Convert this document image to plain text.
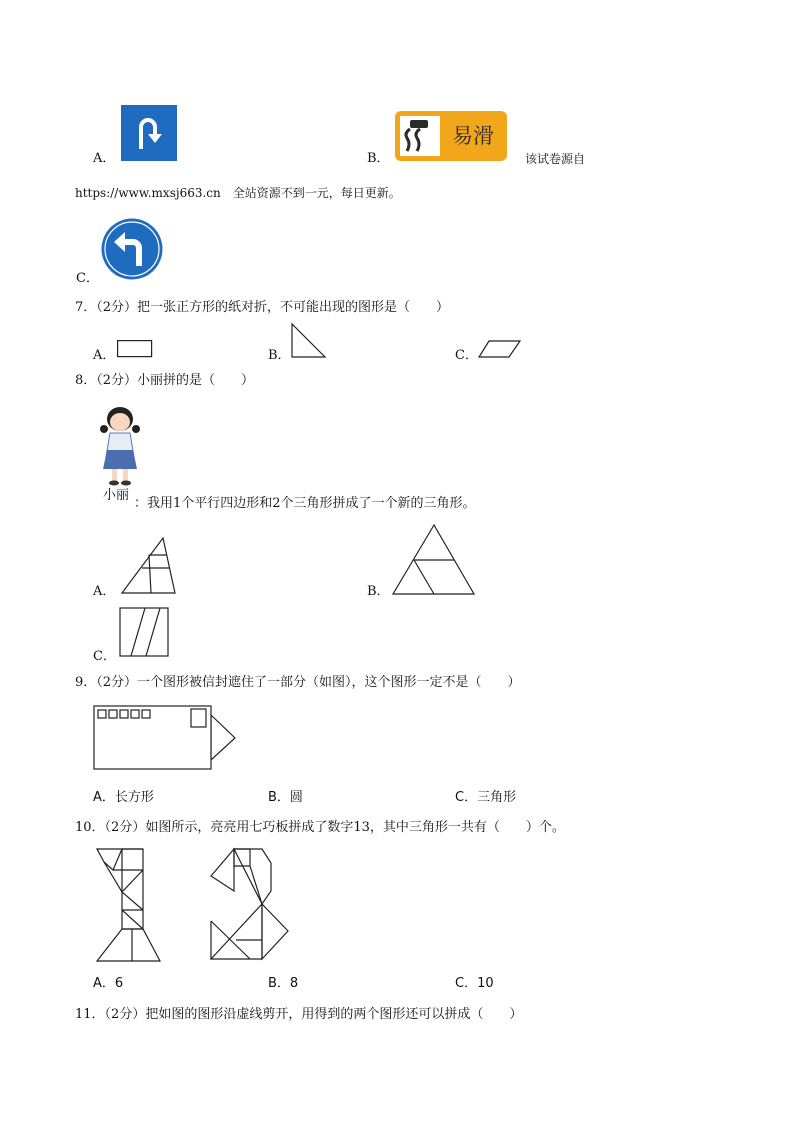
A．	B．
易滑
该试卷源自
https://www.mxsj663.cn　全站资源不到一元，每日更新。
C．
7．（2分）把一张正方形的纸对折，不可能出现的图形是（　　）
A．	B．	C．
8．（2分）小丽拼的是（　　）
小丽
：我用1个平行四边形和2个三角形拼成了一个新的三角形。
A．	B．
C．
9．（2分）一个图形被信封遮住了一部分（如图），这个图形一定不是（　　）
A．长方形	B．圆	C．三角形
10．（2分）如图所示，亮亮用七巧板拼成了数字13，其中三角形一共有（　　）个。
A．6	B．8	C．10
11．（2分）把如图的图形沿虚线剪开，用得到的两个图形还可以拼成（　　）
